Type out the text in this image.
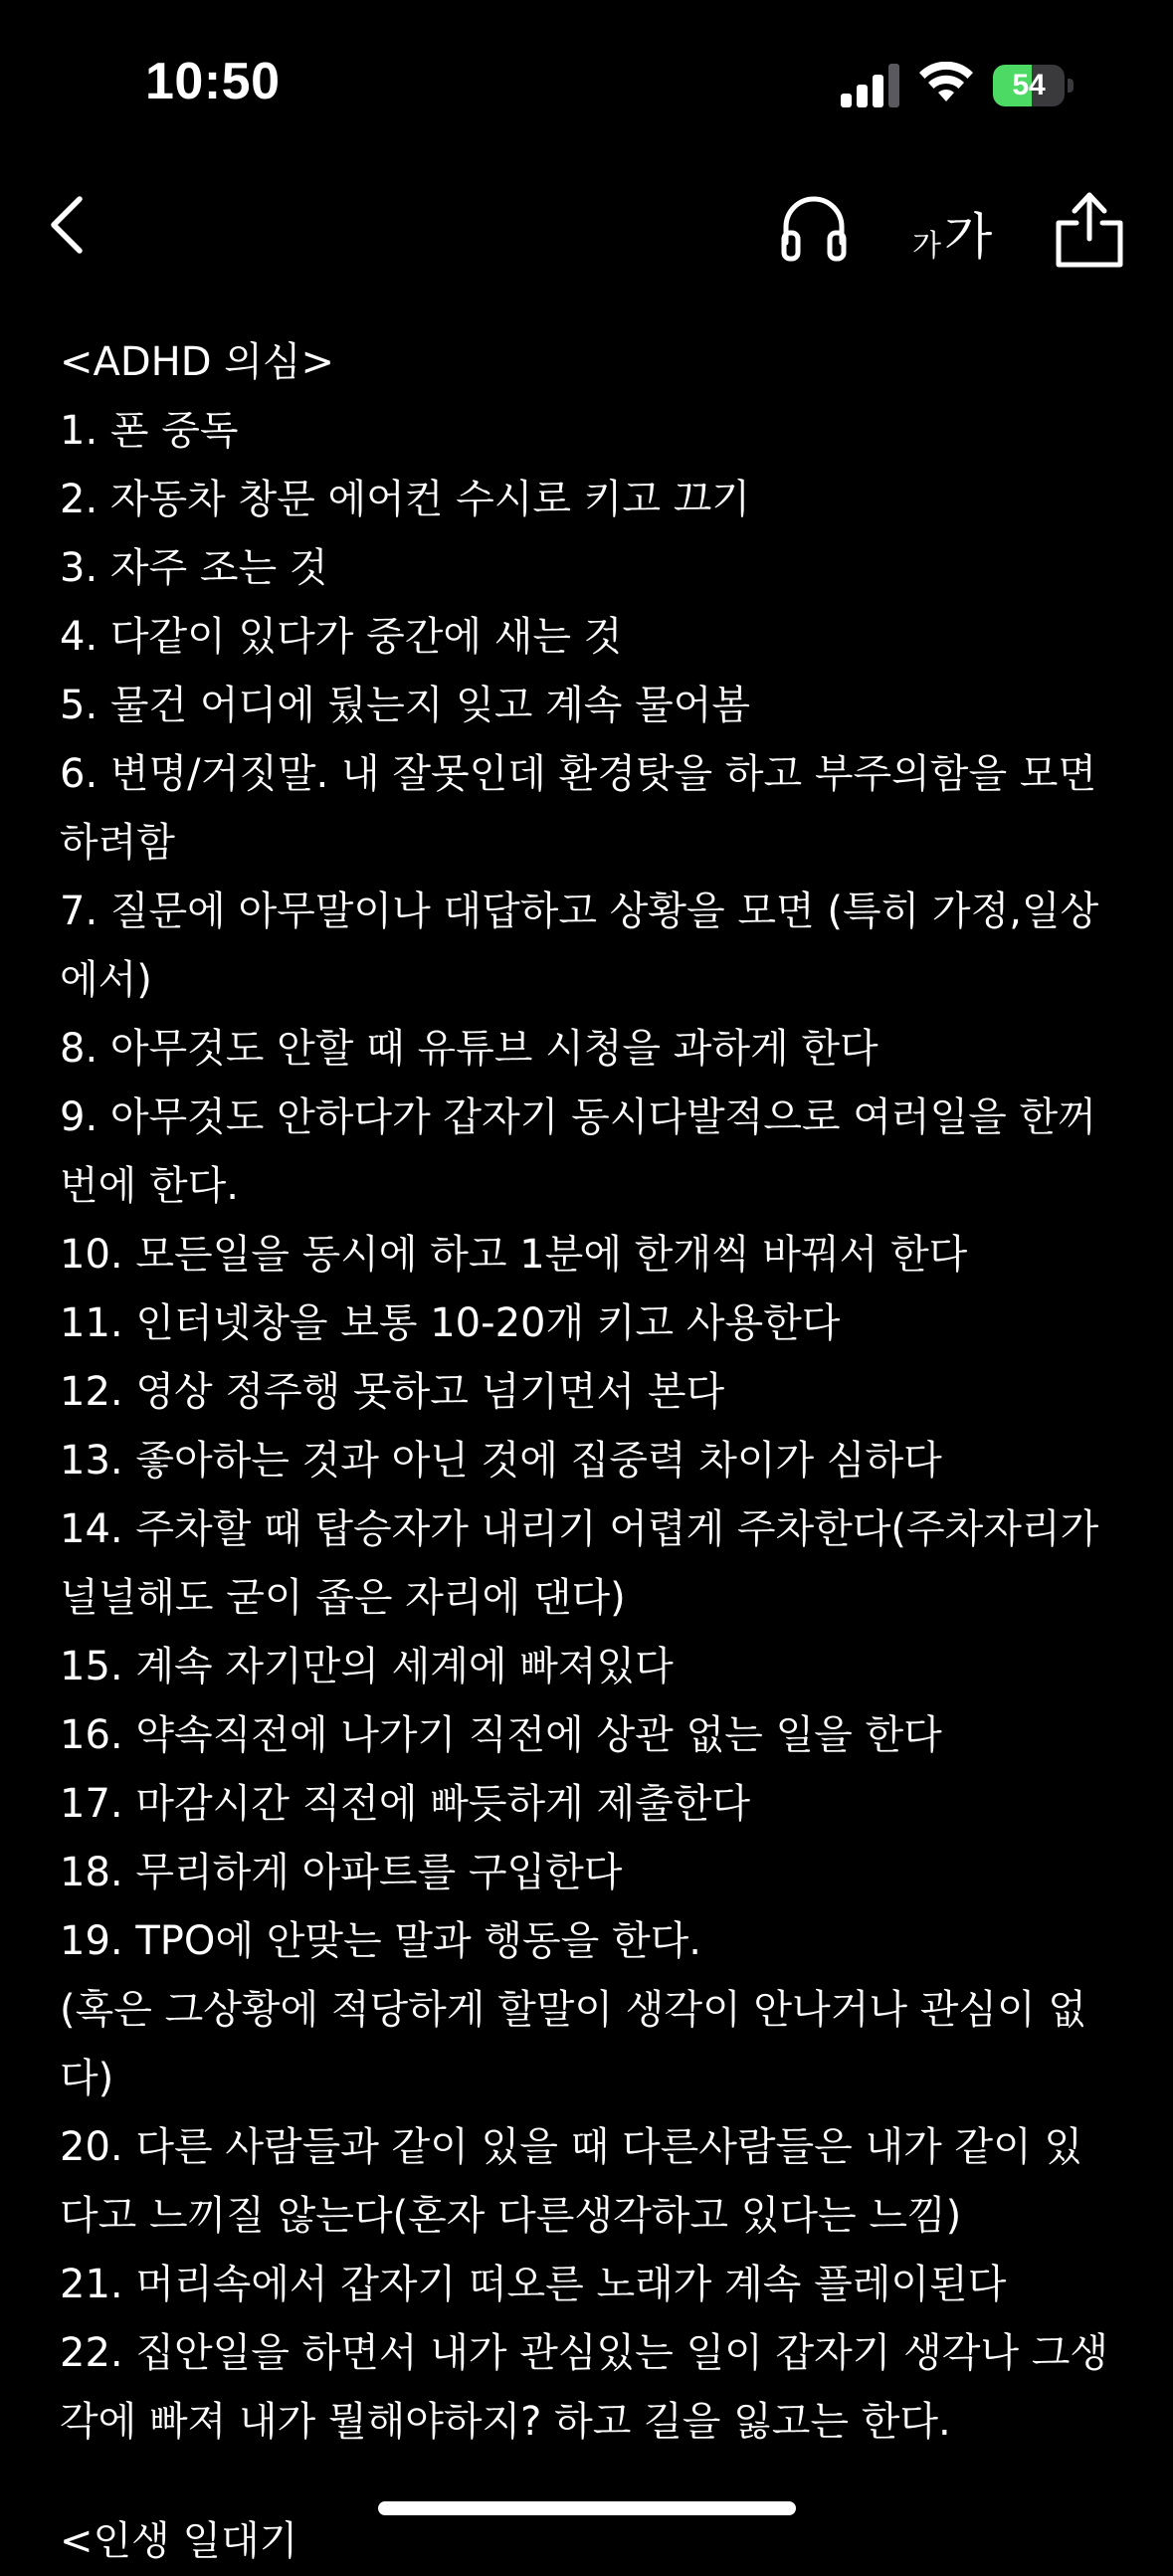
10:50	54
가 가
<ADHD 의심>
1. 폰 중독
2. 자동차 창문 에어컨 수시로 키고 끄기
3. 자주 조는 것
4. 다같이 있다가 중간에 새는 것
5. 물건 어디에 뒀는지 잊고 계속 물어봄
6. 변명/거짓말. 내 잘못인데 환경탓을 하고 부주의함을 모면하려함
7. 질문에 아무말이나 대답하고 상황을 모면 (특히 가정,일상에서)
8. 아무것도 안할 때 유튜브 시청을 과하게 한다
9. 아무것도 안하다가 갑자기 동시다발적으로 여러일을 한꺼번에 한다.
10. 모든일을 동시에 하고 1분에 한개씩 바꿔서 한다
11. 인터넷창을 보통 10-20개 키고 사용한다
12. 영상 정주행 못하고 넘기면서 본다
13. 좋아하는 것과 아닌 것에 집중력 차이가 심하다
14. 주차할 때 탑승자가 내리기 어렵게 주차한다(주차자리가 널널해도 굳이 좁은 자리에 댄다)
15. 계속 자기만의 세계에 빠져있다
16. 약속직전에 나가기 직전에 상관 없는 일을 한다
17. 마감시간 직전에 빠듯하게 제출한다
18. 무리하게 아파트를 구입한다
19. TPO에 안맞는 말과 행동을 한다.
(혹은 그상황에 적당하게 할말이 생각이 안나거나 관심이 없다)
20. 다른 사람들과 같이 있을 때 다른사람들은 내가 같이 있다고 느끼질 않는다(혼자 다른생각하고 있다는 느낌)
21. 머리속에서 갑자기 떠오른 노래가 계속 플레이된다
22. 집안일을 하면서 내가 관심있는 일이 갑자기 생각나 그생각에 빠져 내가 뭘해야하지? 하고 길을 잃고는 한다.
<인생 일대기
